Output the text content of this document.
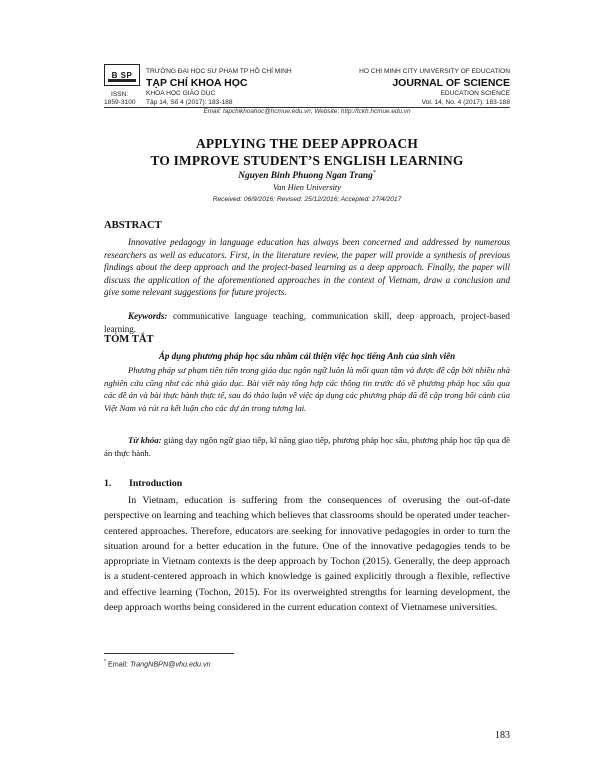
B SP TRƯỜNG ĐẠI HỌC SƯ PHẠM TP HỒ CHÍ MINH
TẠP CHÍ KHOA HỌC
ISSN:	KHOA HỌC GIÁO DỤC
1859-3100 Tập 14, Số 4 (2017): 183-188
HO CHI MINH CITY UNIVERSITY OF EDUCATION
JOURNAL OF SCIENCE
EDUCATION SCIENCE
Vol. 14, No. 4 (2017): 183-188
Email: tapchikhoahoc@hcmue.edu.vn; Website: http://tckh.hcmue.edu.vn
APPLYING THE DEEP APPROACH
TO IMPROVE STUDENT’S ENGLISH LEARNING
Nguyen Binh Phuong Ngan Trang*
Van Hien University
Received: 06/9/2016; Revised: 25/12/2016; Accepted: 27/4/2017
ABSTRACT
Innovative pedagogy in language education has always been concerned and addressed by numerous researchers as well as educators. First, in the literature review, the paper will provide a synthesis of previous findings about the deep approach and the project-based learning as a deep approach. Finally, the paper will discuss the application of the aforementioned approaches in the context of Vietnam, draw a conclusion and give some relevant suggestions for future projects.
Keywords: communicative language teaching, communication skill, deep approach, project-based learning.
TÓM TẮT
Áp dụng phương pháp học sâu nhằm cải thiện việc học tiếng Anh của sinh viên
Phương pháp sư phạm tiên tiến trong giáo dục ngôn ngữ luôn là mối quan tâm và được đề cập bởi nhiều nhà nghiên cứu cũng như các nhà giáo dục. Bài viết này tổng hợp các thông tin trước đó về phương pháp học sâu qua các đề án và bài thực hành thực tế, sau đó thảo luận về việc áp dụng các phương pháp đã đề cập trong bối cảnh của Việt Nam và rút ra kết luận cho các dự án trong tương lai.
Từ khóa: giảng dạy ngôn ngữ giao tiếp, kĩ năng giao tiếp, phương pháp học sâu, phương pháp học tập qua đề án thực hành.
1. Introduction
In Vietnam, education is suffering from the consequences of overusing the out-of-date perspective on learning and teaching which believes that classrooms should be operated under teacher-centered approaches. Therefore, educators are seeking for innovative pedagogies in order to turn the situation around for a better education in the future. One of the innovative pedagogies tends to be appropriate in Vietnam contexts is the deep approach by Tochon (2015). Generally, the deep approach is a student-centered approach in which knowledge is gained explicitly through a flexible, reflective and effective learning (Tochon, 2015). For its overweighted strengths for learning development, the deep approach worths being considered in the current education context of Vietnamese universities.
* Email: TrangNBPN@vhu.edu.vn
183
